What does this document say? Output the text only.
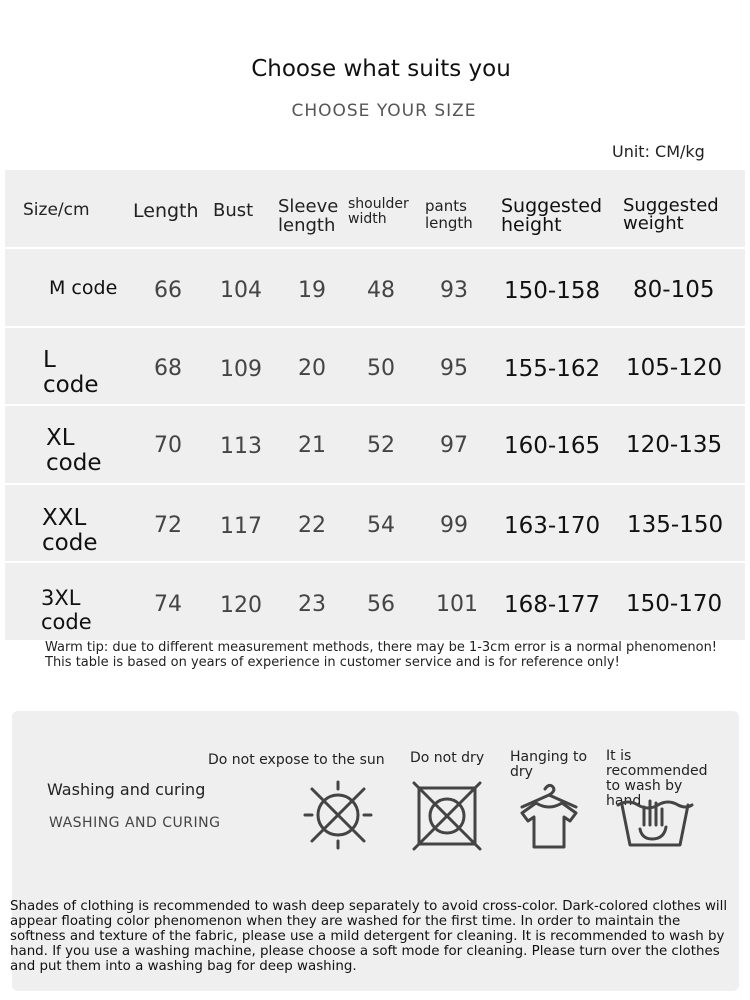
Choose what suits you
CHOOSE YOUR SIZE
Unit: CM/kg
Size/cm Length Bust Sleeve
length
shoulder
width
pants
length
Suggested
height
Suggested
weight
M code 66 104 19 48 93 150-158 80-105
L
code
68 109 20 50 95 155-162 105-120
XL
code
70 113 21 52 97 160-165 120-135
XXL
code
72 117 22 54 99 163-170 135-150
3XL
code
74 120 23 56 101 168-177 150-170
Warm tip: due to different measurement methods, there may be 1-3cm error is a normal phenomenon! This table is based on years of experience in customer service and is for reference only!
Washing and curing
WASHING AND CURING
Do not expose to the sun Do not dry Hanging to dry
It is recommended to wash by hand
Shades of clothing is recommended to wash deep separately to avoid cross-color. Dark-colored clothes will appear floating color phenomenon when they are washed for the first time. In order to maintain the softness and texture of the fabric, please use a mild detergent for cleaning. It is recommended to wash by hand. If you use a washing machine, please choose a soft mode for cleaning. Please turn over the clothes and put them into a washing bag for deep washing.
